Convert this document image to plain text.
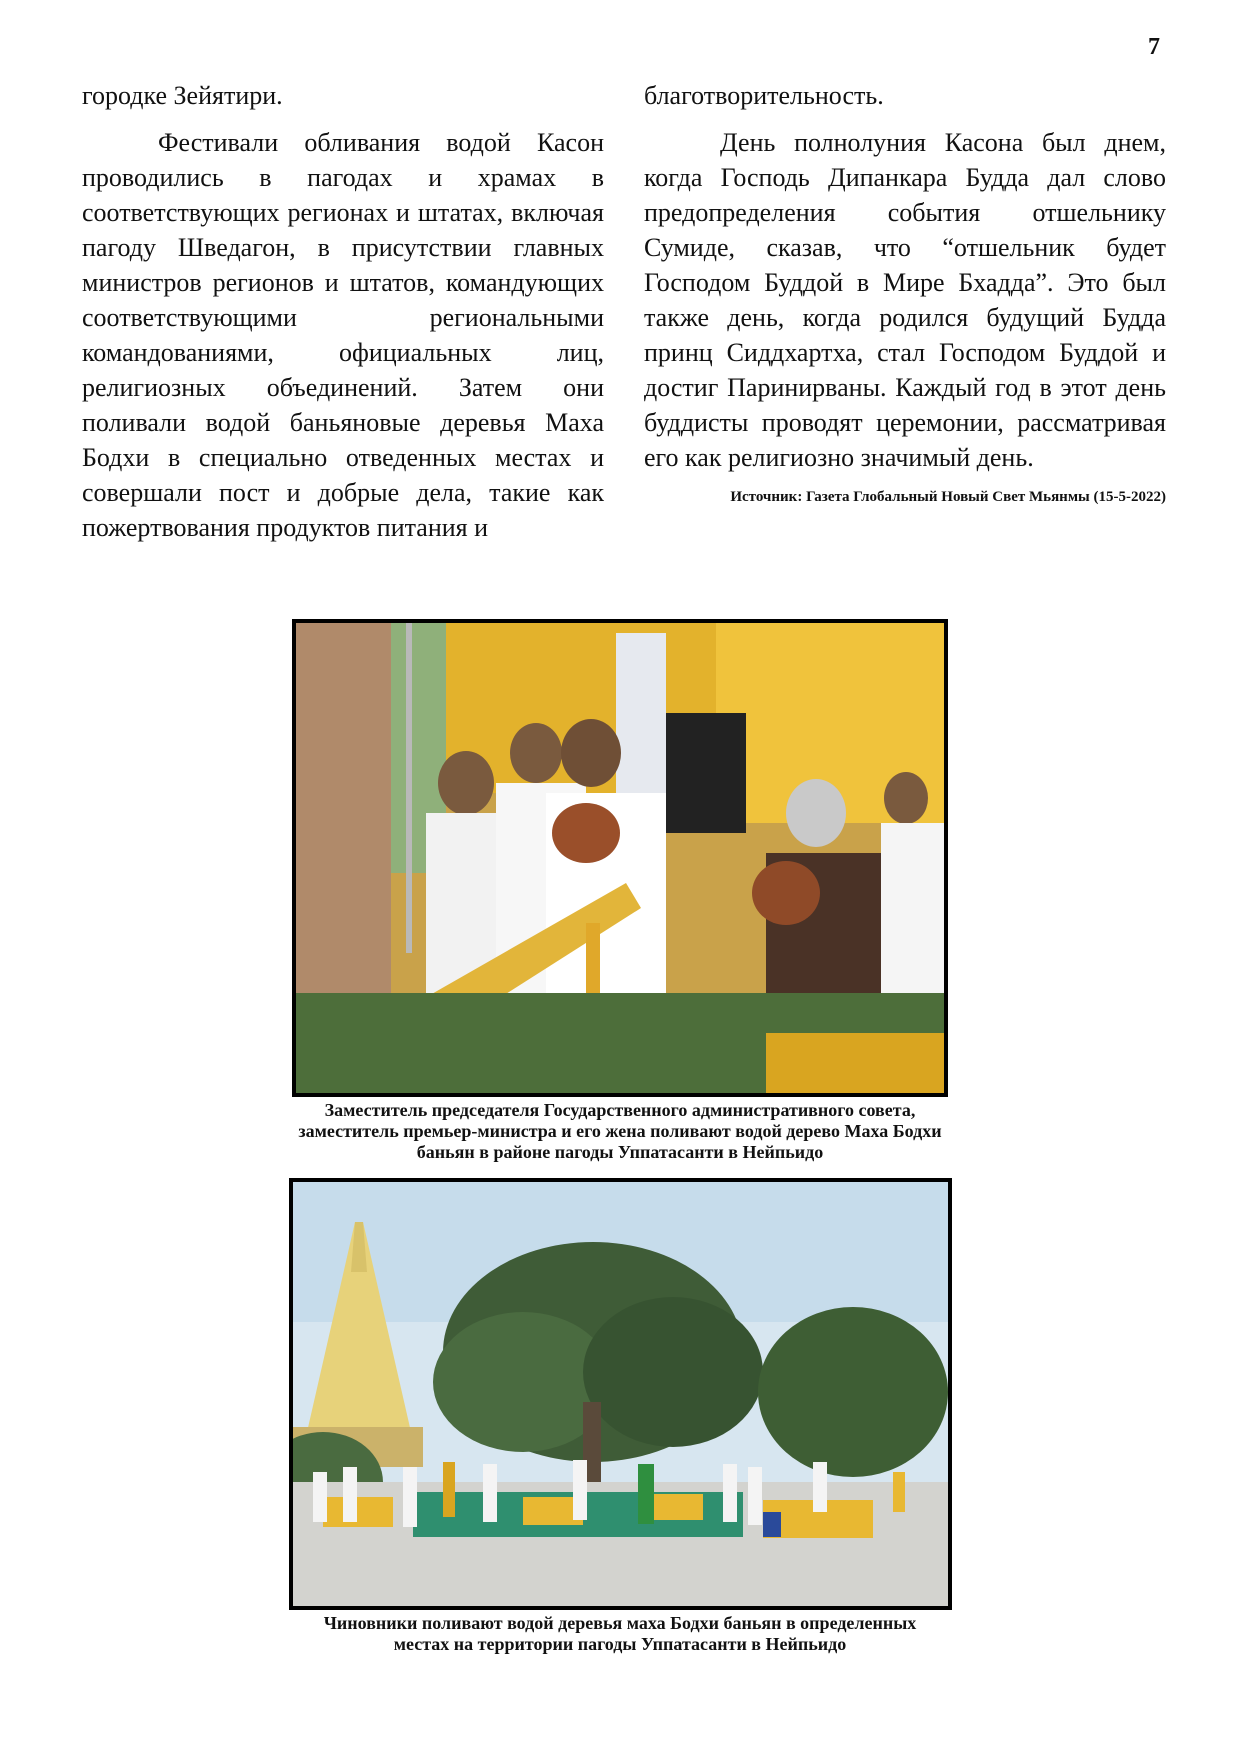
7

городке Зейятири.

Фестивали обливания водой Касон проводились в пагодах и храмах в соответствующих регионах и штатах, включая пагоду Шведагон, в присутствии главных министров регионов и штатов, командующих соответствующими региональными командованиями, официальных лиц, религиозных объединений. Затем они поливали водой баньяновые деревья Маха Бодхи в специально отведенных местах и совершали пост и добрые дела, такие как пожертвования продуктов питания и

благотворительность.

День полнолуния Касона был днем, когда Господь Дипанкара Будда дал слово предопределения события отшельнику Сумиде, сказав, что “отшельник будет Господом Буддой в Мире Бхадда”. Это был также день, когда родился будущий Будда принц Сиддхартха, стал Господом Буддой и достиг Паринирваны. Каждый год в этот день буддисты проводят церемонии, рассматривая его как религиозно значимый день.

Источник: Газета Глобальный Новый Свет Мьянмы (15-5-2022)
Заместитель председателя Государственного административного совета, заместитель премьер-министра и его жена поливают водой дерево Маха Бодхи баньян в районе пагоды Уппатасанти в Нейпьидо
Чиновники поливают водой деревья маха Бодхи баньян в определенных местах на территории пагоды Уппатасанти в Нейпьидо
